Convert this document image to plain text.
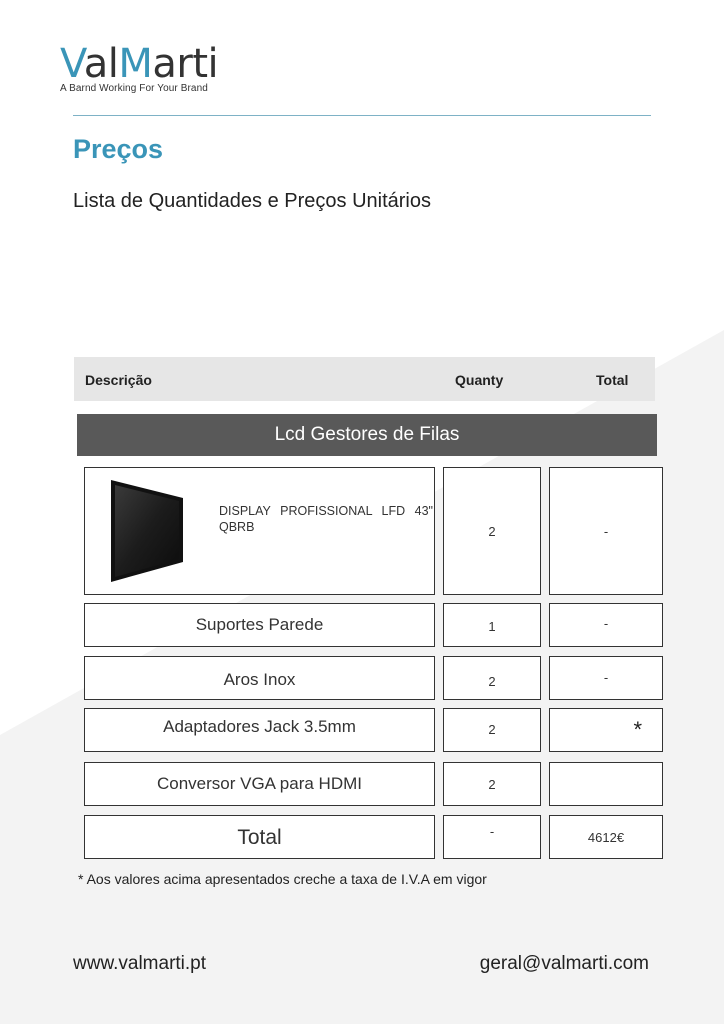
ValMarti
A Barnd Working For Your Brand
Preços
Lista de Quantidades e Preços Unitários
Descrição	Quanty	Total
Lcd Gestores de Filas
DISPLAY PROFISSIONAL LFD 43"
QBRB	2	-
Suportes Parede	1	-
Aros Inox	2	-
Adaptadores Jack 3.5mm	2	*
Conversor VGA para HDMI	2
Total	-	4612€
* Aos valores acima apresentados creche a taxa de I.V.A em vigor
www.valmarti.pt	geral@valmarti.com
